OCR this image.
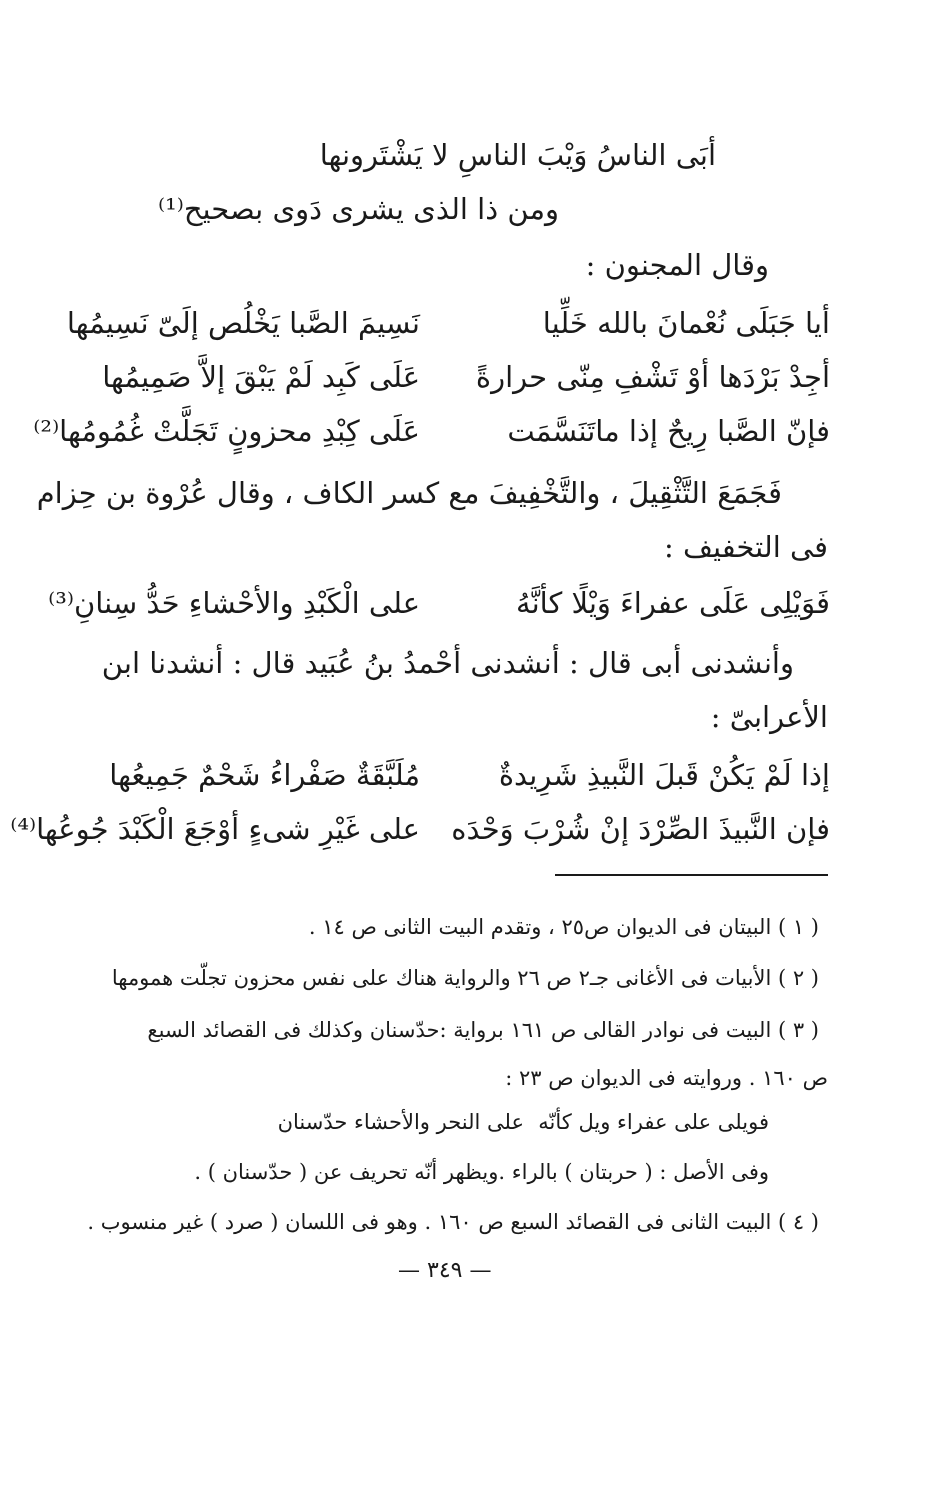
أبَى الناسُ وَيْبَ الناسِ لا يَشْتَرونها
ومن ذا الذى يشرى دَوى بصحيح⁽¹⁾
وقال المجنون :
أيا جَبَلَى نُعْمانَ بالله خَلِّيا
نَسِيمَ الصَّبا يَخْلُص إلَىّ نَسِيمُها
أجِدْ بَرْدَها أوْ تَشْفِ مِنّى حرارةً
عَلَى كَبِد لَمْ يَبْقَ إلاَّ صَمِيمُها
فإنّ الصَّبا رِيحٌ إذا ماتَنَسَّمَت
عَلَى كِبْدِ محزونٍ تَجَلَّتْ غُمُومُها⁽²⁾
فَجَمَعَ التَّثْقِيلَ ، والتَّخْفِيفَ مع كسر الكاف ، وقال عُرْوة بن حِزام
فى التخفيف :
فَوَيْلِى عَلَى عفراءَ وَيْلًا كأنَّهُ
على الْكَبْدِ والأحْشاءِ حَدُّ سِنانِ⁽³⁾
وأنشدنى أبى قال : أنشدنى أحْمدُ بنُ عُبَيد قال : أنشدنا ابن
الأعرابىّ :
إذا لَمْ يَكُنْ قَبلَ النَّبيذِ شَرِيدةٌ
مُلَبَّقَةٌ صَفْراءُ شَحْمٌ جَمِيعُها
فإن النَّبيذَ الصِّرْدَ إنْ شُرْبَ وَحْدَه
على غَيْرِ شىءٍ أوْجَعَ الْكَبْدَ جُوعُها⁽⁴⁾
( ١ ) البيتان فى الديوان ص٢٥ ، وتقدم البيت الثانى ص ١٤ .
( ٢ ) الأبيات فى الأغانى جـ٢ ص ٢٦ والرواية هناك على نفس محزون تجلّت همومها
( ٣ ) البيت فى نوادر القالى ص ١٦١ برواية :حدّسنان وكذلك فى القصائد السبع
ص ١٦٠ . وروايته فى الديوان ص ٢٣ :
فويلى على عفراء ويل كأنّه
على النحر والأحشاء حدّسنان
وفى الأصل : ( حربتان ) بالراء .ويظهر أنّه تحريف عن ( حدّسنان ) .
( ٤ ) البيت الثانى فى القصائد السبع ص ١٦٠ . وهو فى اللسان ( صرد ) غير منسوب .
— ٣٤٩ —
